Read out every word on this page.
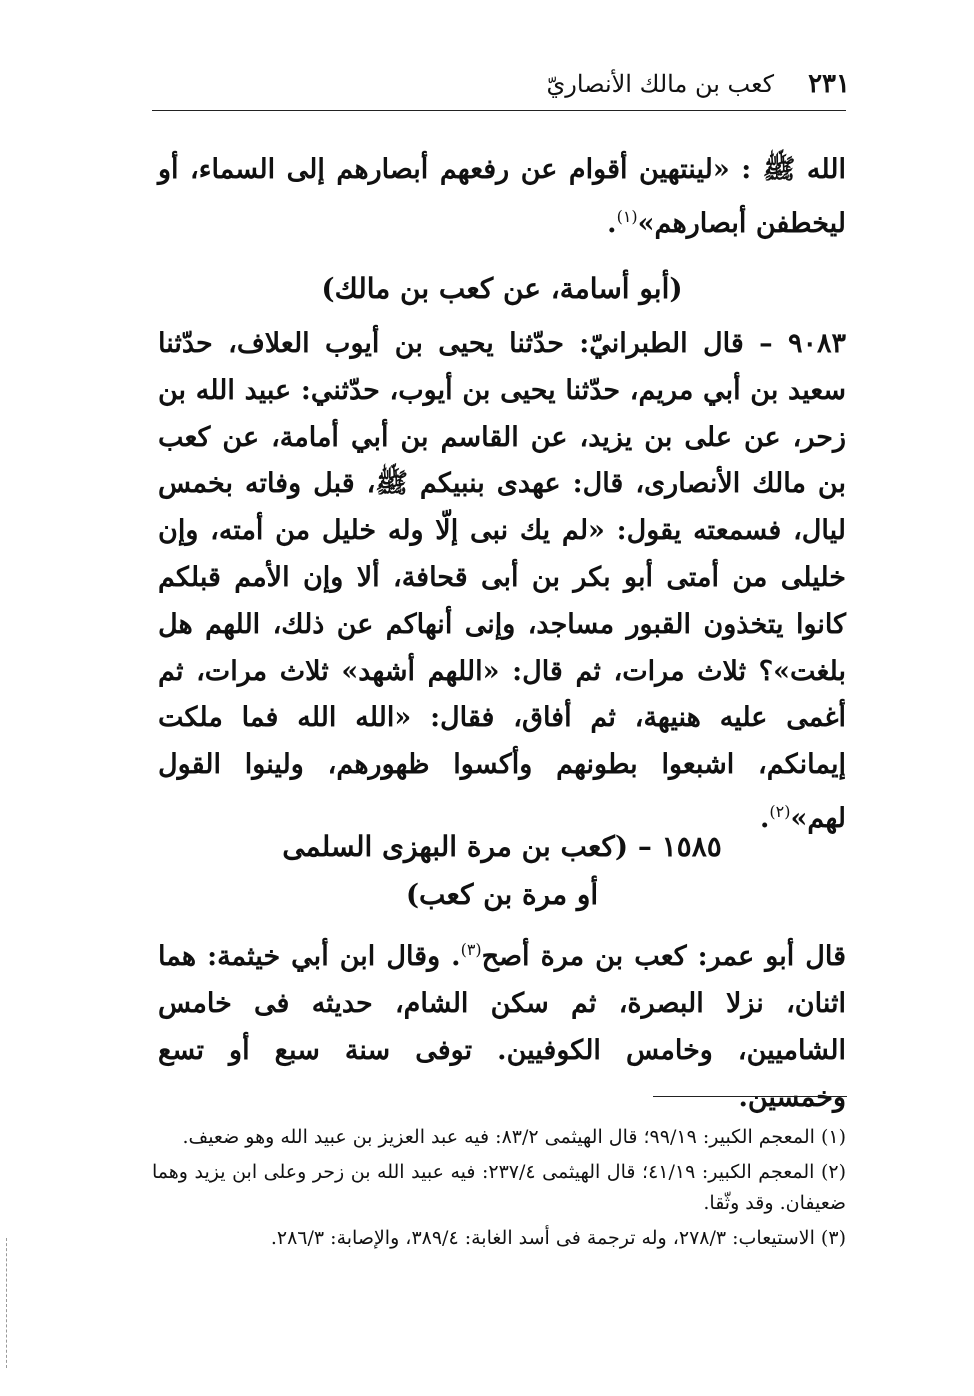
٢٣١
كعب بن مالك الأنصاريّ
الله ﷺ : «لينتهين أقوام عن رفعهم أبصارهم إلى السماء، أو ليخطفن أبصارهم»$^{(١)}$.
(أبو أسامة، عن كعب بن مالك)
٩٠٨٣ – قال الطبرانيّ: حدّثنا يحيى بن أيوب العلاف، حدّثنا سعيد بن أبي مريم، حدّثنا يحيى بن أيوب، حدّثني: عبيد الله بن زحر، عن على بن يزيد، عن القاسم بن أبي أمامة، عن كعب بن مالك الأنصارى، قال: عهدى بنبيكم ﷺ، قبل وفاته بخمس ليال، فسمعته يقول: «لم يك نبى إلّا وله خليل من أمته، وإن خليلى من أمتى أبو بكر بن أبى قحافة، ألا وإن الأمم قبلكم كانوا يتخذون القبور مساجد، وإنى أنهاكم عن ذلك، اللهم هل بلغت»؟ ثلاث مرات، ثم قال: «اللهم أشهد» ثلاث مرات، ثم أغمى عليه هنيهة، ثم أفاق، فقال: «الله الله فما ملكت إيمانكم، اشبعوا بطونهم وأكسوا ظهورهم، ولينوا القول لهم»$^{(٢)}$.
١٥٨٥ – (كعب بن مرة البهزى السلمى
أو مرة بن كعب)
قال أبو عمر: كعب بن مرة أصح$^{(٣)}$. وقال ابن أبي خيثمة: هما اثنان، نزلا البصرة، ثم سكن الشام، حديثه فى خامس الشاميين، وخامس الكوفيين. توفى سنة سبع أو تسع وخمسين.
(١) المعجم الكبير: ٩٩/١٩؛ قال الهيثمى ٨٣/٢: فيه عبد العزيز بن عبيد الله وهو ضعيف.
(٢) المعجم الكبير: ٤١/١٩؛ قال الهيثمى ٢٣٧/٤: فيه عبيد الله بن زحر وعلى ابن يزيد وهما ضعيفان. وقد وثّقا.
(٣) الاستيعاب: ٢٧٨/٣، وله ترجمة فى أسد الغابة: ٣٨٩/٤، والإصابة: ٢٨٦/٣.
